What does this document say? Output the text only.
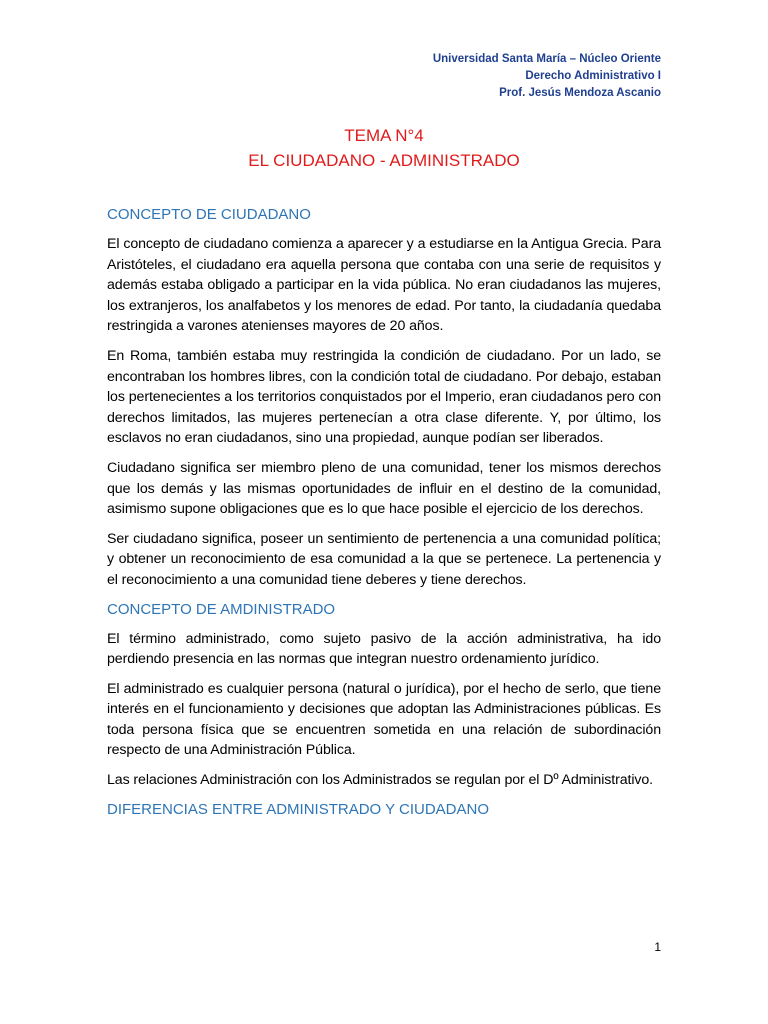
Universidad Santa María – Núcleo Oriente
Derecho Administrativo I
Prof. Jesús Mendoza Ascanio
TEMA N°4
EL CIUDADANO - ADMINISTRADO
CONCEPTO DE CIUDADANO

El concepto de ciudadano comienza a aparecer y a estudiarse en la Antigua Grecia. Para Aristóteles, el ciudadano era aquella persona que contaba con una serie de requisitos y además estaba obligado a participar en la vida pública. No eran ciudadanos las mujeres, los extranjeros, los analfabetos y los menores de edad. Por tanto, la ciudadanía quedaba restringida a varones atenienses mayores de 20 años.

En Roma, también estaba muy restringida la condición de ciudadano. Por un lado, se encontraban los hombres libres, con la condición total de ciudadano. Por debajo, estaban los pertenecientes a los territorios conquistados por el Imperio, eran ciudadanos pero con derechos limitados, las mujeres pertenecían a otra clase diferente. Y, por último, los esclavos no eran ciudadanos, sino una propiedad, aunque podían ser liberados.

Ciudadano significa ser miembro pleno de una comunidad, tener los mismos derechos que los demás y las mismas oportunidades de influir en el destino de la comunidad, asimismo supone obligaciones que es lo que hace posible el ejercicio de los derechos.

Ser ciudadano significa, poseer un sentimiento de pertenencia a una comunidad política; y obtener un reconocimiento de esa comunidad a la que se pertenece. La pertenencia y el reconocimiento a una comunidad tiene deberes y tiene derechos.

CONCEPTO DE AMDINISTRADO

El término administrado, como sujeto pasivo de la acción administrativa, ha ido perdiendo presencia en las normas que integran nuestro ordenamiento jurídico.

El administrado es cualquier persona (natural o jurídica), por el hecho de serlo, que tiene interés en el funcionamiento y decisiones que adoptan las Administraciones públicas. Es toda persona física que se encuentren sometida en una relación de subordinación respecto de una Administración Pública.

Las relaciones Administración con los Administrados se regulan por el Dº Administrativo.

DIFERENCIAS ENTRE ADMINISTRADO Y CIUDADANO
1
